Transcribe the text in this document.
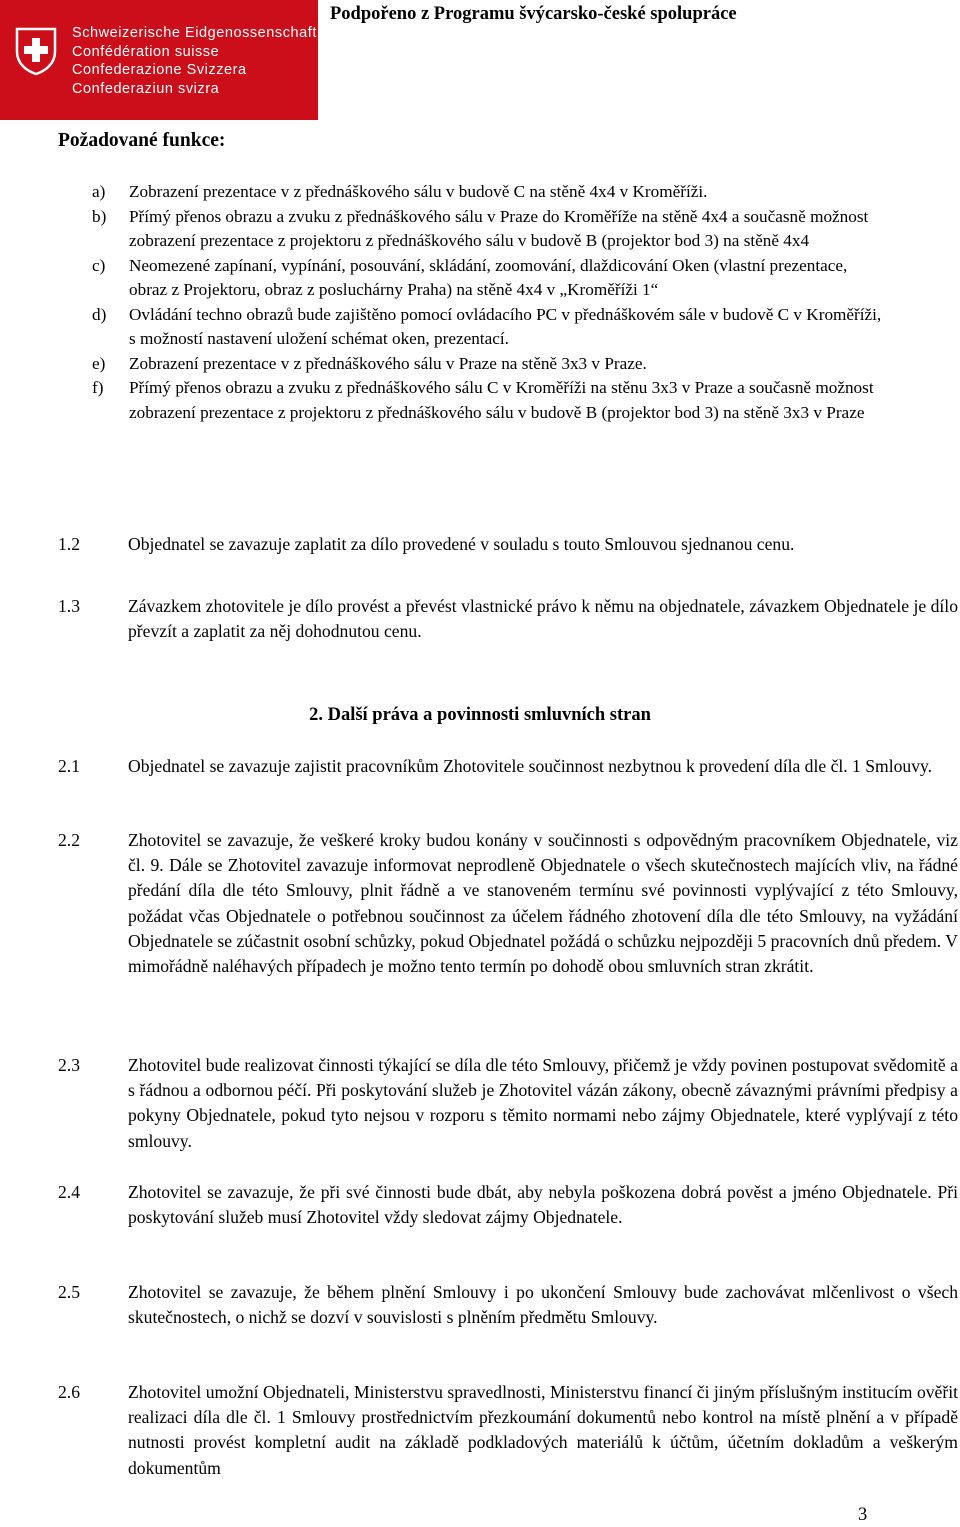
Schweizerische Eidgenossenschaft
Confédération suisse
Confederazione Svizzera
Confederaziun svizra
Podpořeno z Programu švýcarsko-české spolupráce
Požadované funkce:
a)	Zobrazení prezentace v z přednáškového sálu v budově C na stěně 4x4 v Kroměříži.
b)	Přímý přenos obrazu a zvuku z přednáškového sálu v Praze do Kroměříže na stěně 4x4 a současně možnost zobrazení prezentace z projektoru z přednáškového sálu v budově B (projektor bod 3) na stěně 4x4
c)	Neomezené zapínaní, vypínání, posouvání, skládání, zoomování, dlaždicování Oken (vlastní prezentace, obraz z Projektoru, obraz z posluchárny Praha) na stěně 4x4 v „Kroměříži 1“
d)	Ovládání techno obrazů bude zajištěno pomocí ovládacího PC v přednáškovém sále v budově C v Kroměříži, s možností nastavení uložení schémat oken, prezentací.
e)	Zobrazení prezentace v z přednáškového sálu v Praze na stěně 3x3 v Praze.
f)	Přímý přenos obrazu a zvuku z přednáškového sálu C v Kroměříži na stěnu 3x3 v Praze a současně možnost zobrazení prezentace z projektoru z přednáškového sálu v budově B (projektor bod 3) na stěně 3x3 v Praze
1.2	Objednatel se zavazuje zaplatit za dílo provedené v souladu s touto Smlouvou sjednanou cenu.
1.3	Závazkem zhotovitele je dílo provést a převést vlastnické právo k němu na objednatele, závazkem Objednatele je dílo převzít a zaplatit za něj dohodnutou cenu.
2. Další práva a povinnosti smluvních stran
2.1	Objednatel se zavazuje zajistit pracovníkům Zhotovitele součinnost nezbytnou k provedení díla dle čl. 1 Smlouvy.
2.2	Zhotovitel se zavazuje, že veškeré kroky budou konány v součinnosti s odpovědným pracovníkem Objednatele, viz čl. 9. Dále se Zhotovitel zavazuje informovat neprodleně Objednatele o všech skutečnostech majících vliv, na řádné předání díla dle této Smlouvy, plnit řádně a ve stanoveném termínu své povinnosti vyplývající z této Smlouvy, požádat včas Objednatele o potřebnou součinnost za účelem řádného zhotovení díla dle této Smlouvy, na vyžádání Objednatele se zúčastnit osobní schůzky, pokud Objednatel požádá o schůzku nejpozději 5 pracovních dnů předem. V mimořádně naléhavých případech je možno tento termín po dohodě obou smluvních stran zkrátit.
2.3	Zhotovitel bude realizovat činnosti týkající se díla dle této Smlouvy, přičemž je vždy povinen postupovat svědomitě a s řádnou a odbornou péčí. Při poskytování služeb je Zhotovitel vázán zákony, obecně závaznými právními předpisy a pokyny Objednatele, pokud tyto nejsou v rozporu s těmito normami nebo zájmy Objednatele, které vyplývají z této smlouvy.
2.4	Zhotovitel se zavazuje, že při své činnosti bude dbát, aby nebyla poškozena dobrá pověst a jméno Objednatele. Při poskytování služeb musí Zhotovitel vždy sledovat zájmy Objednatele.
2.5	Zhotovitel se zavazuje, že během plnění Smlouvy i po ukončení Smlouvy bude zachovávat mlčenlivost o všech skutečnostech, o nichž se dozví v souvislosti s plněním předmětu Smlouvy.
2.6	Zhotovitel umožní Objednateli, Ministerstvu spravedlnosti, Ministerstvu financí či jiným příslušným institucím ověřit realizaci díla dle čl. 1 Smlouvy prostřednictvím přezkoumání dokumentů nebo kontrol na místě plnění a v případě nutnosti provést kompletní audit na základě podkladových materiálů k účtům, účetním dokladům a veškerým dokumentům
3
